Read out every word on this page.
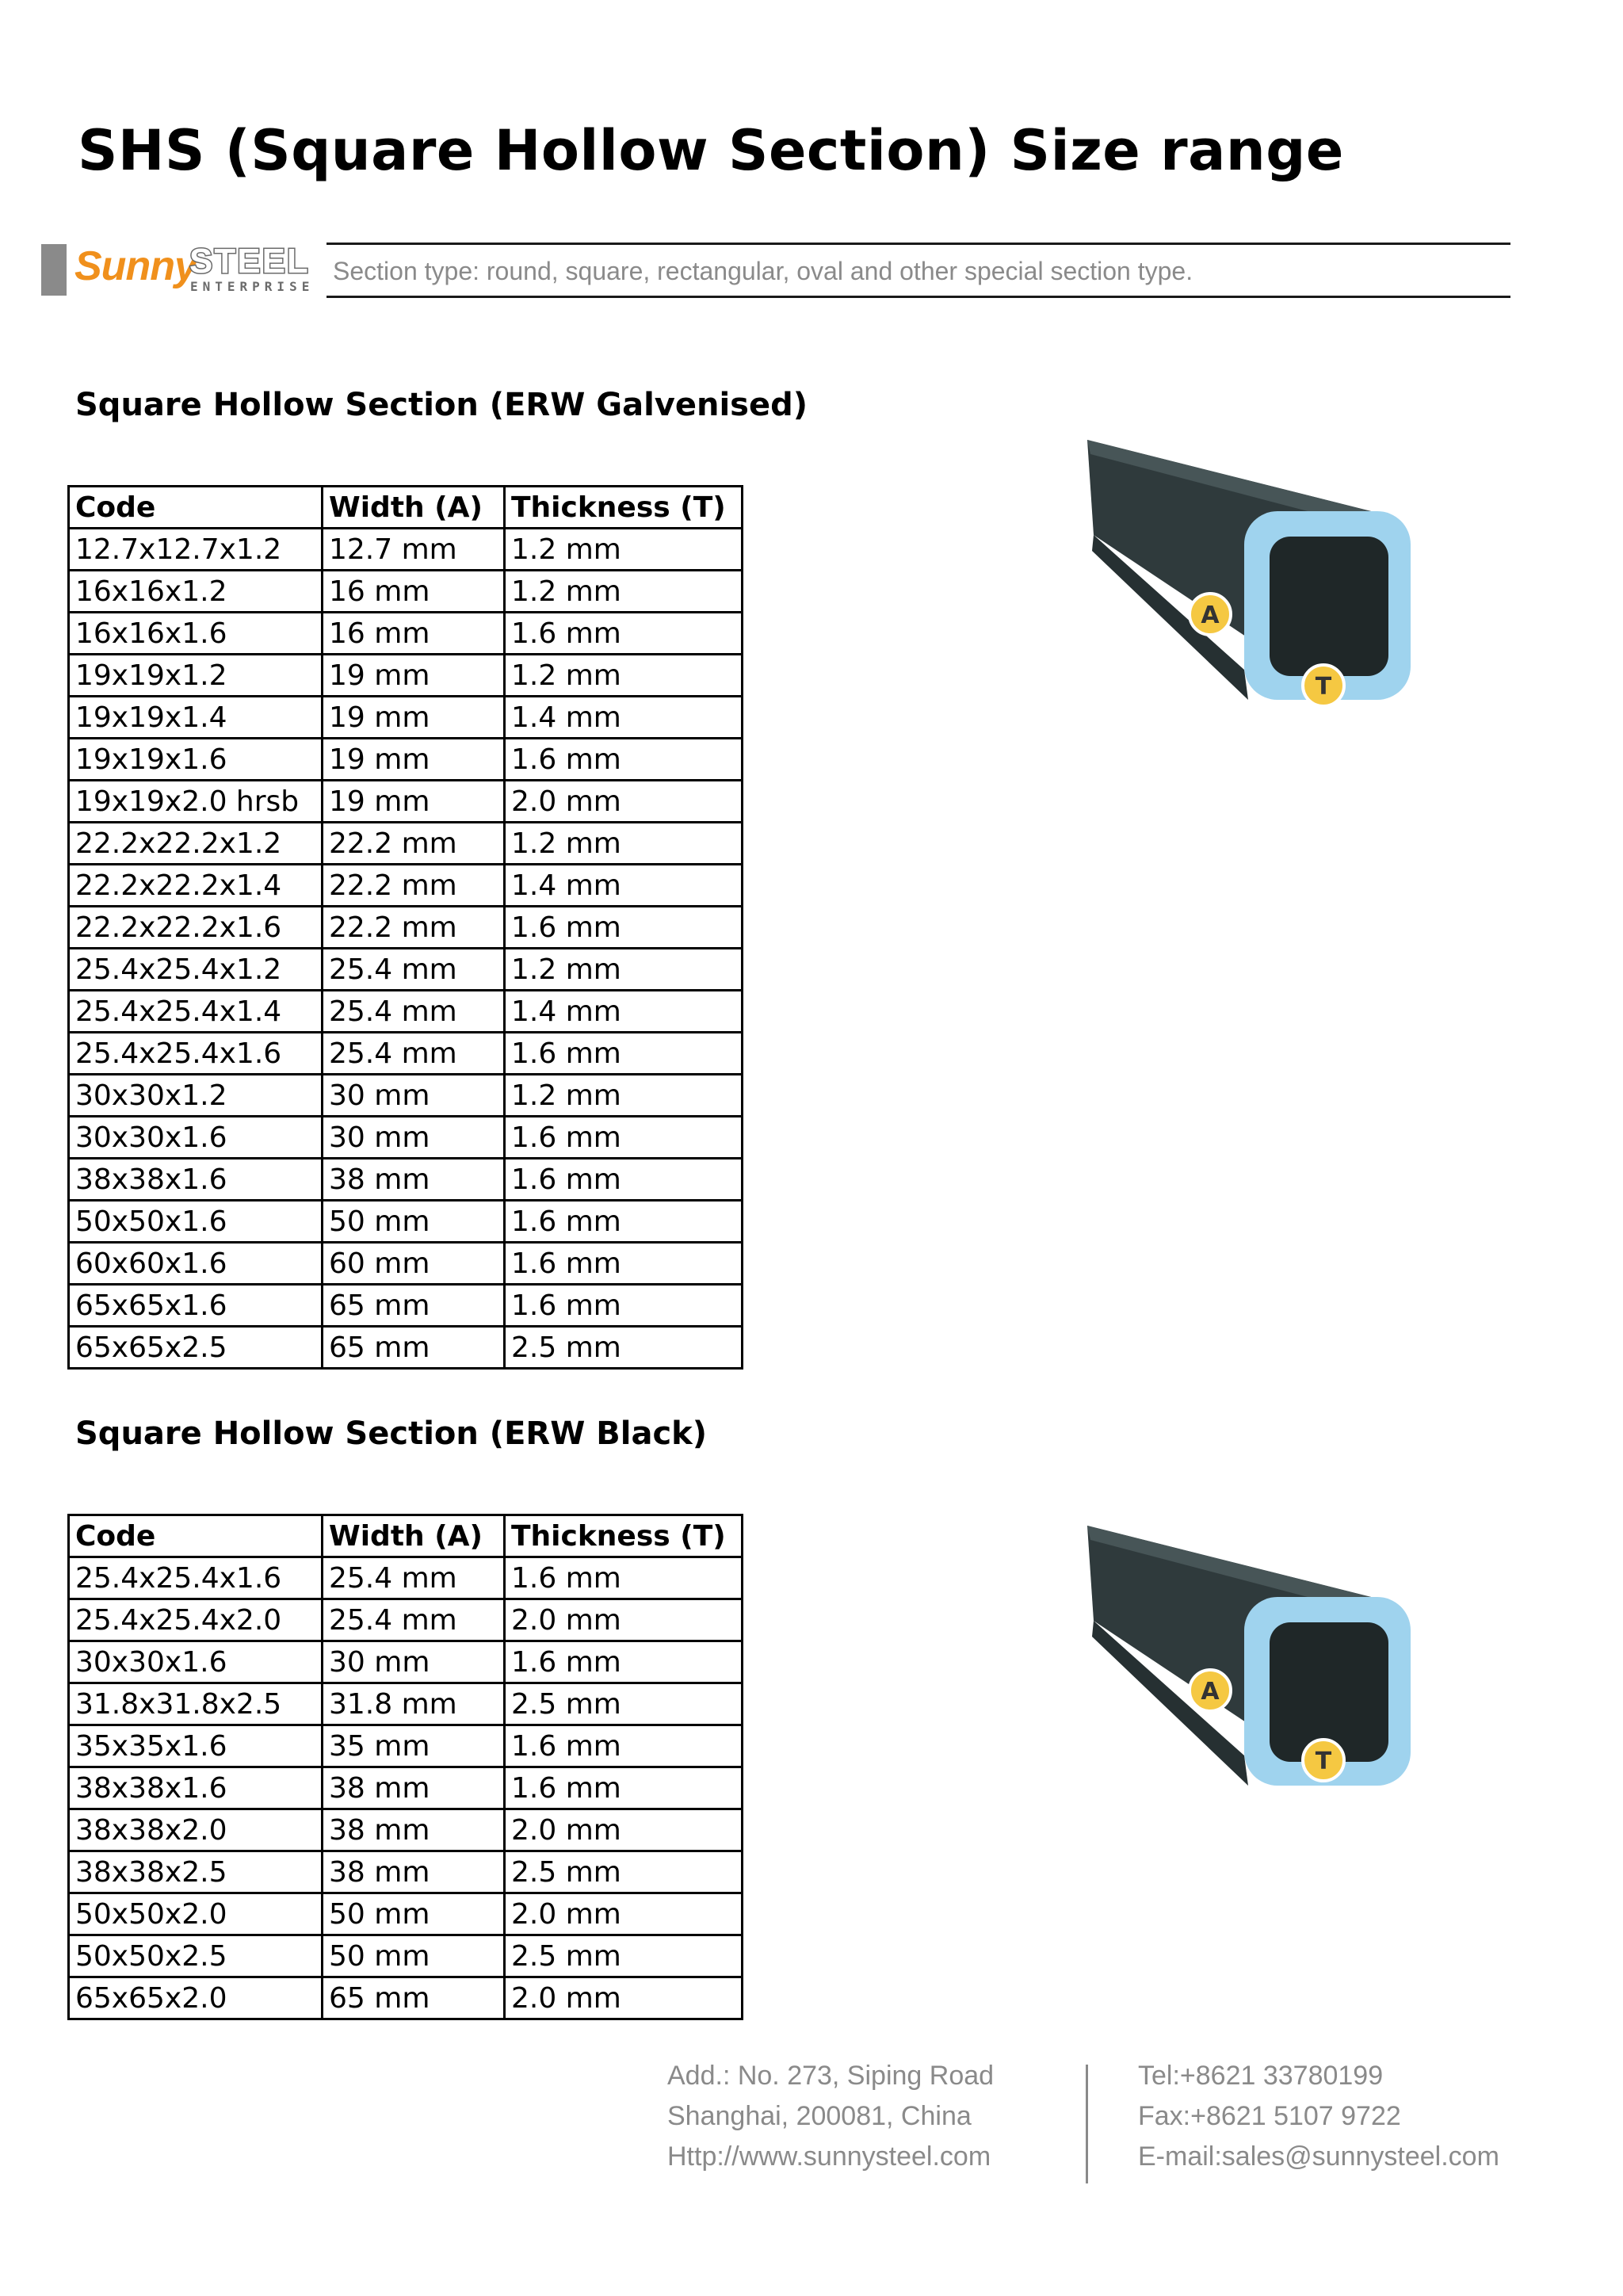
SHS (Square Hollow Section) Size range
Sunny
STEEL
ENTERPRISE
Section type: round, square, rectangular, oval and other special section type.
Square Hollow Section (ERW Galvenised)
Code	Width (A)	Thickness (T)
12.7x12.7x1.2	12.7 mm	1.2 mm
16x16x1.2	16 mm	1.2 mm
16x16x1.6	16 mm	1.6 mm
19x19x1.2	19 mm	1.2 mm
19x19x1.4	19 mm	1.4 mm
19x19x1.6	19 mm	1.6 mm
19x19x2.0 hrsb	19 mm	2.0 mm
22.2x22.2x1.2	22.2 mm	1.2 mm
22.2x22.2x1.4	22.2 mm	1.4 mm
22.2x22.2x1.6	22.2 mm	1.6 mm
25.4x25.4x1.2	25.4 mm	1.2 mm
25.4x25.4x1.4	25.4 mm	1.4 mm
25.4x25.4x1.6	25.4 mm	1.6 mm
30x30x1.2	30 mm	1.2 mm
30x30x1.6	30 mm	1.6 mm
38x38x1.6	38 mm	1.6 mm
50x50x1.6	50 mm	1.6 mm
60x60x1.6	60 mm	1.6 mm
65x65x1.6	65 mm	1.6 mm
65x65x2.5	65 mm	2.5 mm
A
T
Square Hollow Section (ERW Black)
Code	Width (A)	Thickness (T)
25.4x25.4x1.6	25.4 mm	1.6 mm
25.4x25.4x2.0	25.4 mm	2.0 mm
30x30x1.6	30 mm	1.6 mm
31.8x31.8x2.5	31.8 mm	2.5 mm
35x35x1.6	35 mm	1.6 mm
38x38x1.6	38 mm	1.6 mm
38x38x2.0	38 mm	2.0 mm
38x38x2.5	38 mm	2.5 mm
50x50x2.0	50 mm	2.0 mm
50x50x2.5	50 mm	2.5 mm
65x65x2.0	65 mm	2.0 mm
A
T
Add.: No. 273, Siping Road
Shanghai, 200081, China
Http://www.sunnysteel.com
Tel:+8621 33780199
Fax:+8621 5107 9722
E-mail:sales@sunnysteel.com
